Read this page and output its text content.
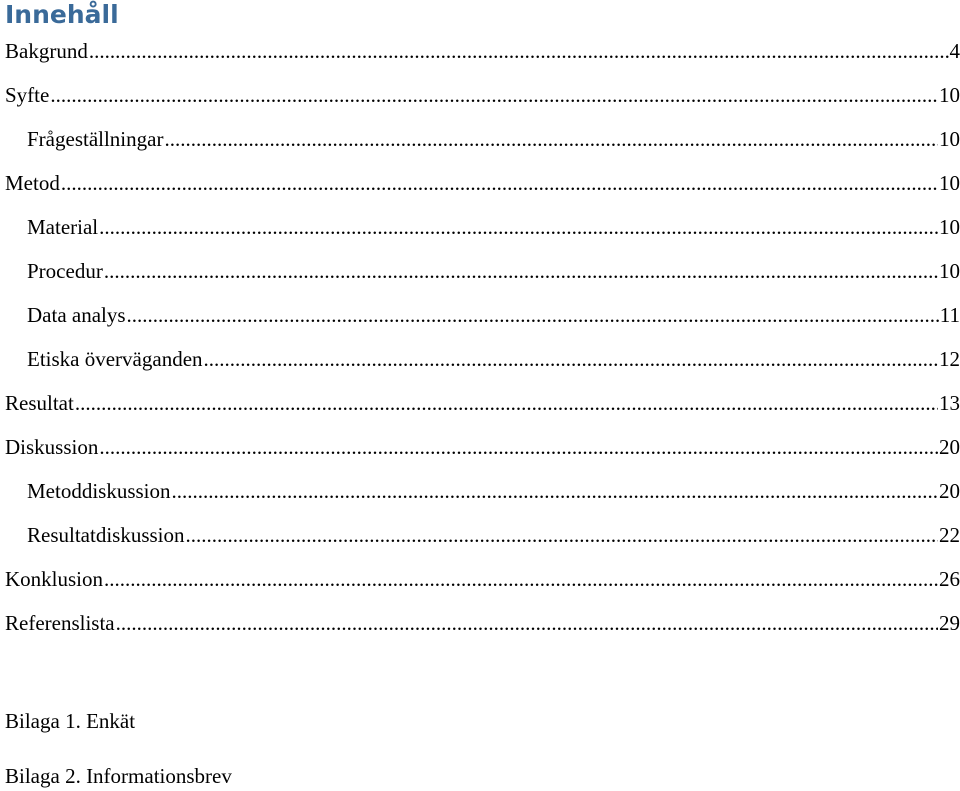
Innehåll
Bakgrund .....	4
Syfte .....	10
Frågeställningar .....	10
Metod .....	10
Material .....	10
Procedur .....	10
Data analys .....	11
Etiska överväganden .....	12
Resultat .....	13
Diskussion .....	20
Metoddiskussion .....	20
Resultatdiskussion .....	22
Konklusion .....	26
Referenslista .....	29

Bilaga 1. Enkät

Bilaga 2. Informationsbrev
